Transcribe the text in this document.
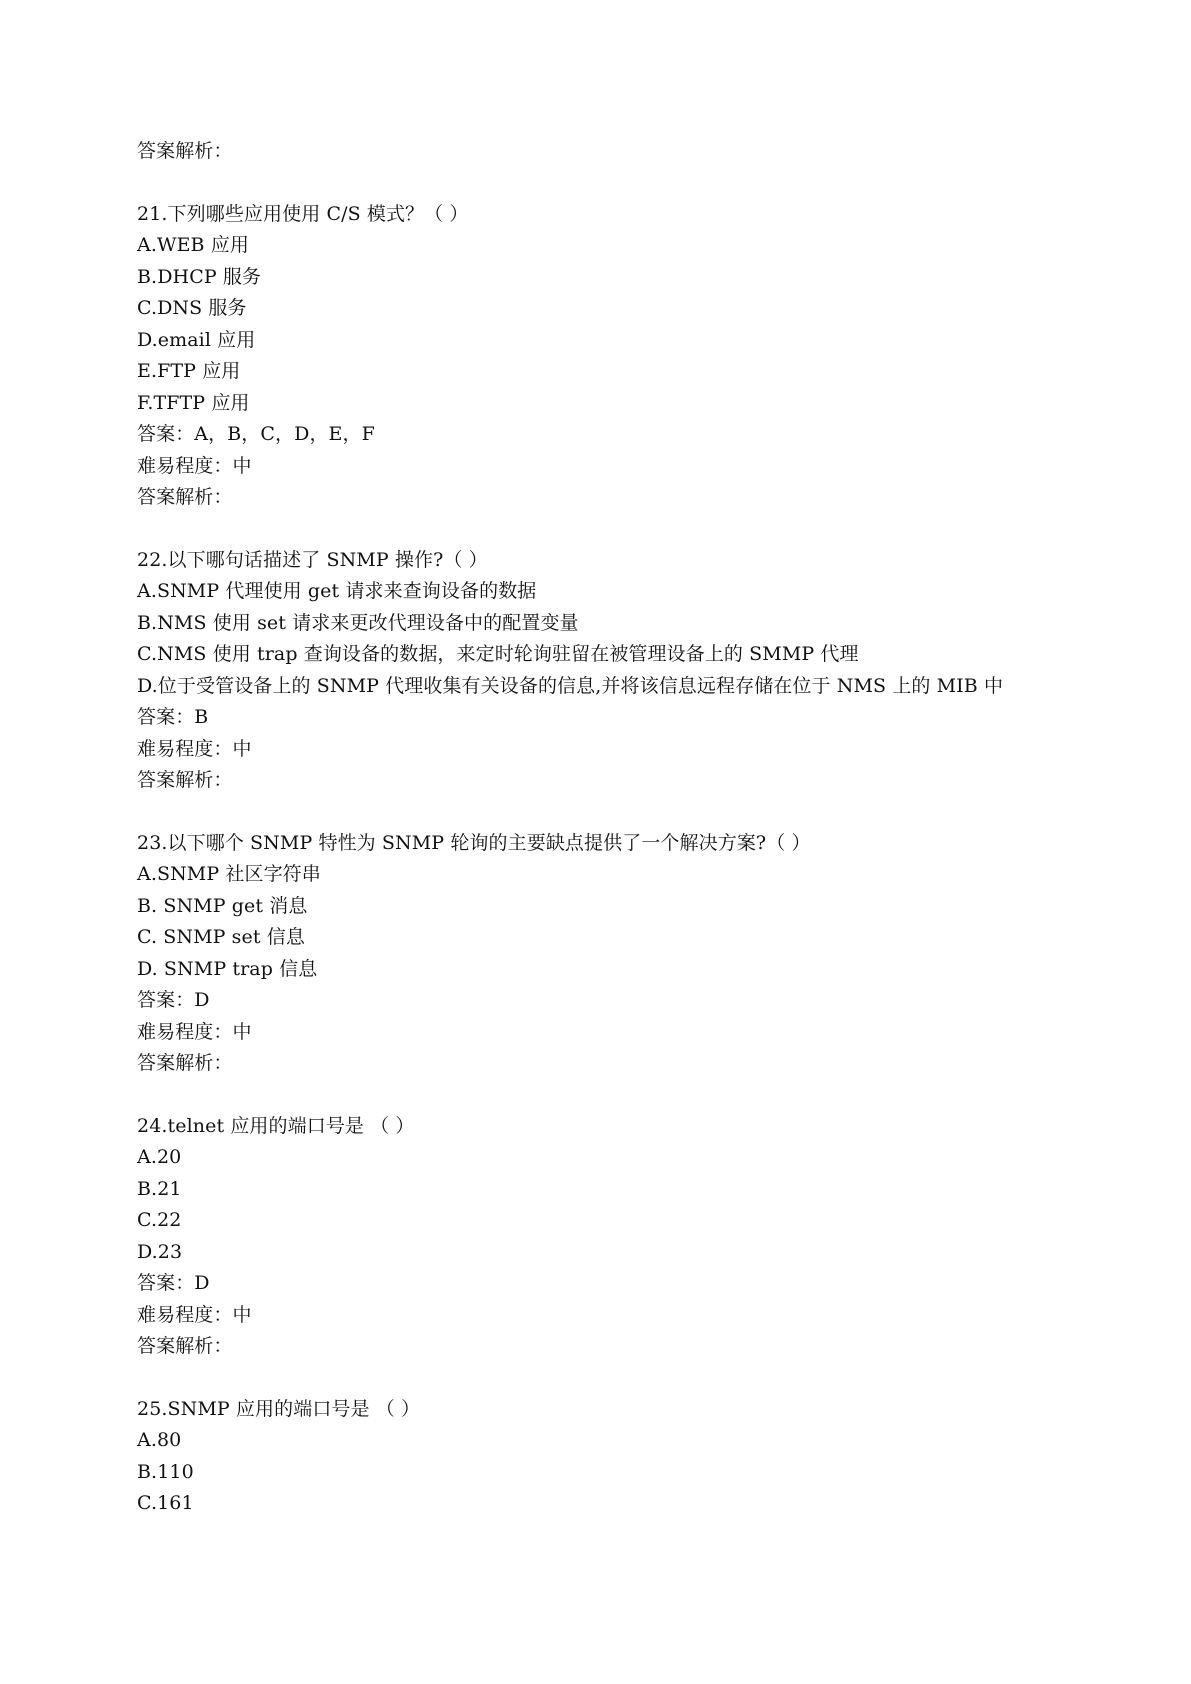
答案解析：
21.下列哪些应用使用 C/S 模式？（ ）
A.WEB 应用
B.DHCP 服务
C.DNS 服务
D.email 应用
E.FTP 应用
F.TFTP 应用
答案：A，B，C，D，E，F
难易程度：中
答案解析：
22.以下哪句话描述了 SNMP 操作?（ ）
A.SNMP 代理使用 get 请求来查询设备的数据
B.NMS 使用 set 请求来更改代理设备中的配置变量
C.NMS 使用 trap 查询设备的数据，来定时轮询驻留在被管理设备上的 SMMP 代理
D.位于受管设备上的 SNMP 代理收集有关设备的信息,并将该信息远程存储在位于 NMS 上的 MIB 中
答案：B
难易程度：中
答案解析：
23.以下哪个 SNMP 特性为 SNMP 轮询的主要缺点提供了一个解决方案?（ ）
A.SNMP 社区字符串
B. SNMP get 消息
C. SNMP set 信息
D. SNMP trap 信息
答案：D
难易程度：中
答案解析：
24.telnet 应用的端口号是 （ ）
A.20
B.21
C.22
D.23
答案：D
难易程度：中
答案解析：
25.SNMP 应用的端口号是 （ ）
A.80
B.110
C.161
